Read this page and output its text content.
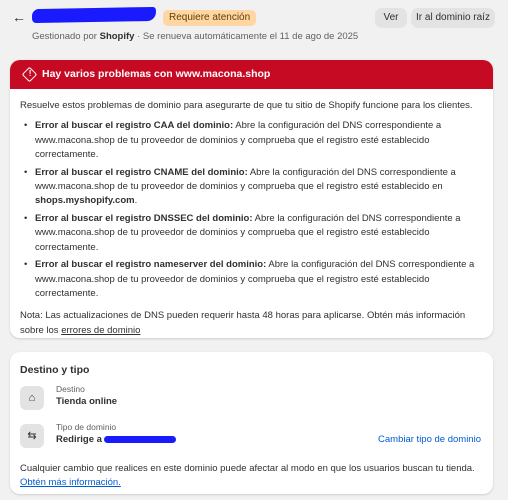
←	Requiere atención
Gestionado por Shopify · Se renueva automáticamente el 11 de ago de 2025
Ver	Ir al dominio raíz
! Hay varios problemas con www.macona.shop
Resuelve estos problemas de dominio para asegurarte de que tu sitio de Shopify funcione para los clientes.
• Error al buscar el registro CAA del dominio: Abre la configuración del DNS correspondiente a www.macona.shop de tu proveedor de dominios y comprueba que el registro esté establecido correctamente.
• Error al buscar el registro CNAME del dominio: Abre la configuración del DNS correspondiente a www.macona.shop de tu proveedor de dominios y comprueba que el registro esté establecido en shops.myshopify.com.
• Error al buscar el registro DNSSEC del dominio: Abre la configuración del DNS correspondiente a www.macona.shop de tu proveedor de dominios y comprueba que el registro esté establecido correctamente.
• Error al buscar el registro nameserver del dominio: Abre la configuración del DNS correspondiente a www.macona.shop de tu proveedor de dominios y comprueba que el registro esté establecido correctamente.
Nota: Las actualizaciones de DNS pueden requerir hasta 48 horas para aplicarse. Obtén más información sobre los errores de dominio
Destino y tipo
⌂
Destino
Tienda online
⇆
Tipo de dominio
Redirige a	Cambiar tipo de dominio
Cualquier cambio que realices en este dominio puede afectar al modo en que los usuarios buscan tu tienda.
Obtén más información.
